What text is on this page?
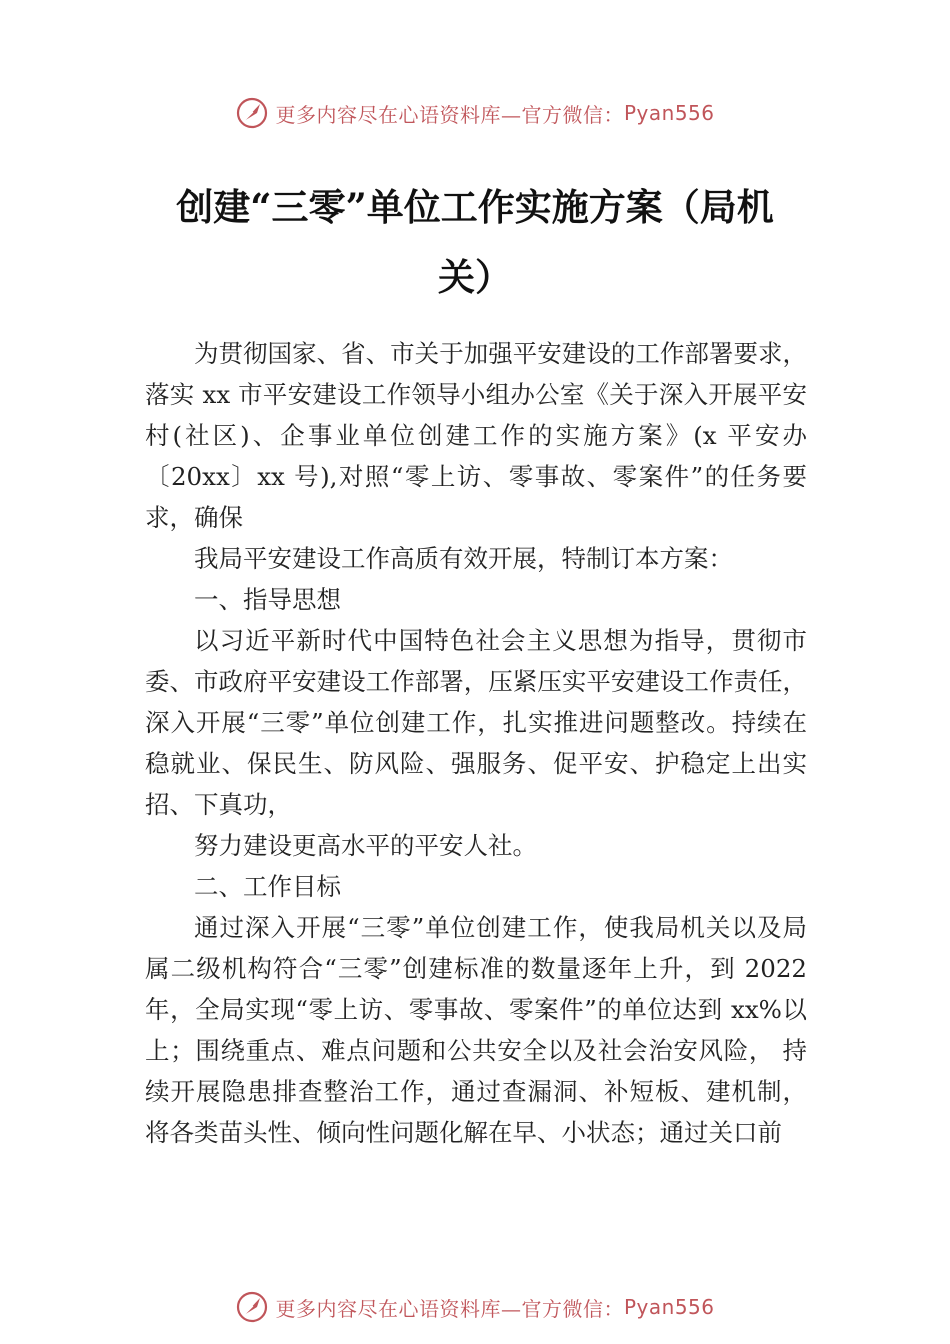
更多内容尽在心语资料库—官方微信： Pyan556
创建“三零”单位工作实施方案（局机关）

为贯彻国家、省、市关于加强平安建设的工作部署要求，落实 xx 市平安建设工作领导小组办公室《关于深入开展平安村(社区)、企事业单位创建工作的实施方案》(x 平安办〔20xx〕xx 号),对照“零上访、零事故、零案件”的任务要求，确保

我局平安建设工作高质有效开展，特制订本方案：

一、指导思想

以习近平新时代中国特色社会主义思想为指导，贯彻市委、市政府平安建设工作部署，压紧压实平安建设工作责任，深入开展“三零”单位创建工作，扎实推进问题整改。持续在稳就业、保民生、防风险、强服务、促平安、护稳定上出实招、下真功，

努力建设更高水平的平安人社。

二、工作目标

通过深入开展“三零”单位创建工作，使我局机关以及局属二级机构符合“三零”创建标准的数量逐年上升，到 2022 年，全局实现“零上访、零事故、零案件”的单位达到 xx%以上；围绕重点、难点问题和公共安全以及社会治安风险， 持续开展隐患排查整治工作，通过查漏洞、补短板、建机制， 将各类苗头性、倾向性问题化解在早、小状态；通过关口前

更多内容尽在心语资料库—官方微信： Pyan556
